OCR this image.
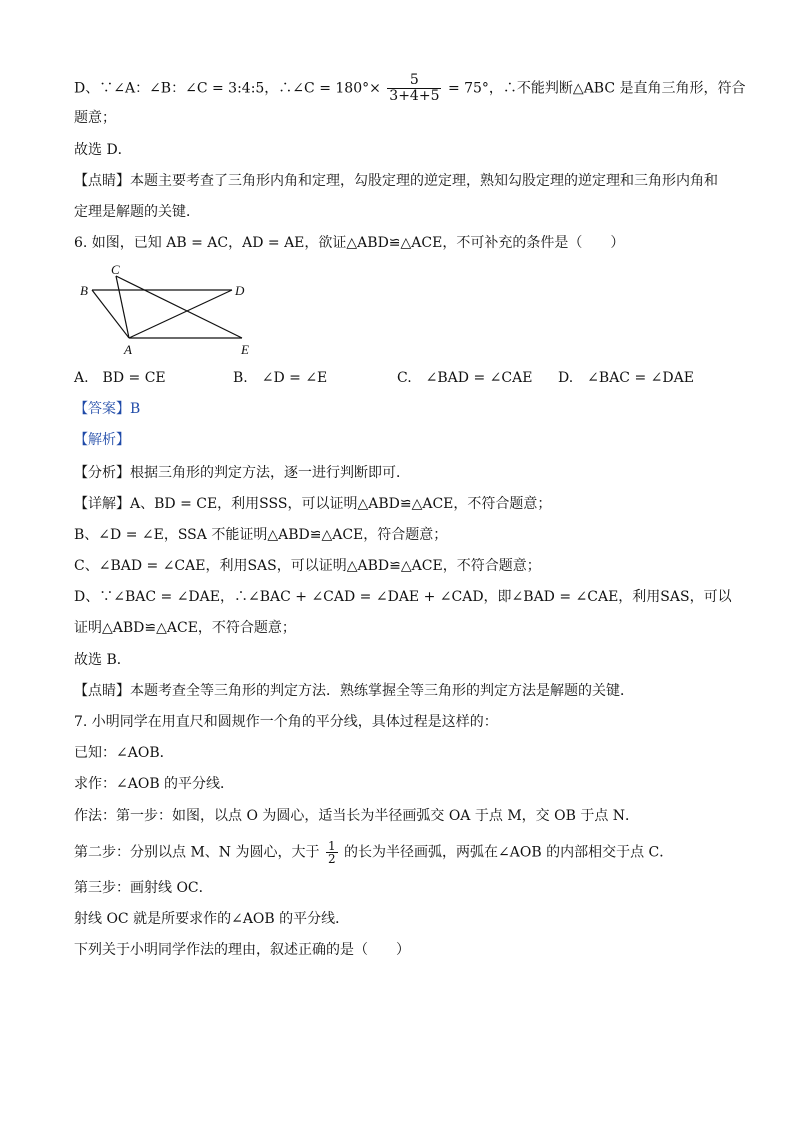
D、∵∠A：∠B：∠C = 3:4:5，∴∠C = $180^\circ\times \frac{5}{3+4+5} = 75^\circ$，∴不能判断△ABC 是直角三角形，符合
题意；
故选 D．
【点睛】本题主要考查了三角形内角和定理，勾股定理的逆定理，熟知勾股定理的逆定理和三角形内角和
定理是解题的关键．
6. 如图，已知 AB = AC，AD = AE，欲证△ABD≌△ACE，不可补充的条件是（　　）
B
C
D
A	E
A.　BD = CE	B.　∠D = ∠E	C.　∠BAD = ∠CAE D.　∠BAC = ∠DAE
【答案】B
【解析】
【分析】根据三角形的判定方法，逐一进行判断即可．
【详解】A、BD = CE，利用SSS，可以证明△ABD≌△ACE，不符合题意；
B、∠D = ∠E，SSA 不能证明△ABD≌△ACE，符合题意；
C、∠BAD = ∠CAE，利用SAS，可以证明△ABD≌△ACE，不符合题意；
D、∵∠BAC = ∠DAE，∴∠BAC + ∠CAD = ∠DAE + ∠CAD，即∠BAD = ∠CAE，利用SAS，可以
证明△ABD≌△ACE，不符合题意；
故选 B．
【点睛】本题考查全等三角形的判定方法．熟练掌握全等三角形的判定方法是解题的关键．
7. 小明同学在用直尺和圆规作一个角的平分线，具体过程是这样的：
已知：∠AOB．
求作：∠AOB 的平分线．
作法：第一步：如图，以点 O 为圆心，适当长为半径画弧交 OA 于点 M，交 OB 于点 N．
第二步：分别以点 M、N 为圆心，大于 $\frac{1}{2}$ 的长为半径画弧，两弧在∠AOB 的内部相交于点 C．
第三步：画射线 OC．
射线 OC 就是所要求作的∠AOB 的平分线．
下列关于小明同学作法的理由，叙述正确的是（　　）
